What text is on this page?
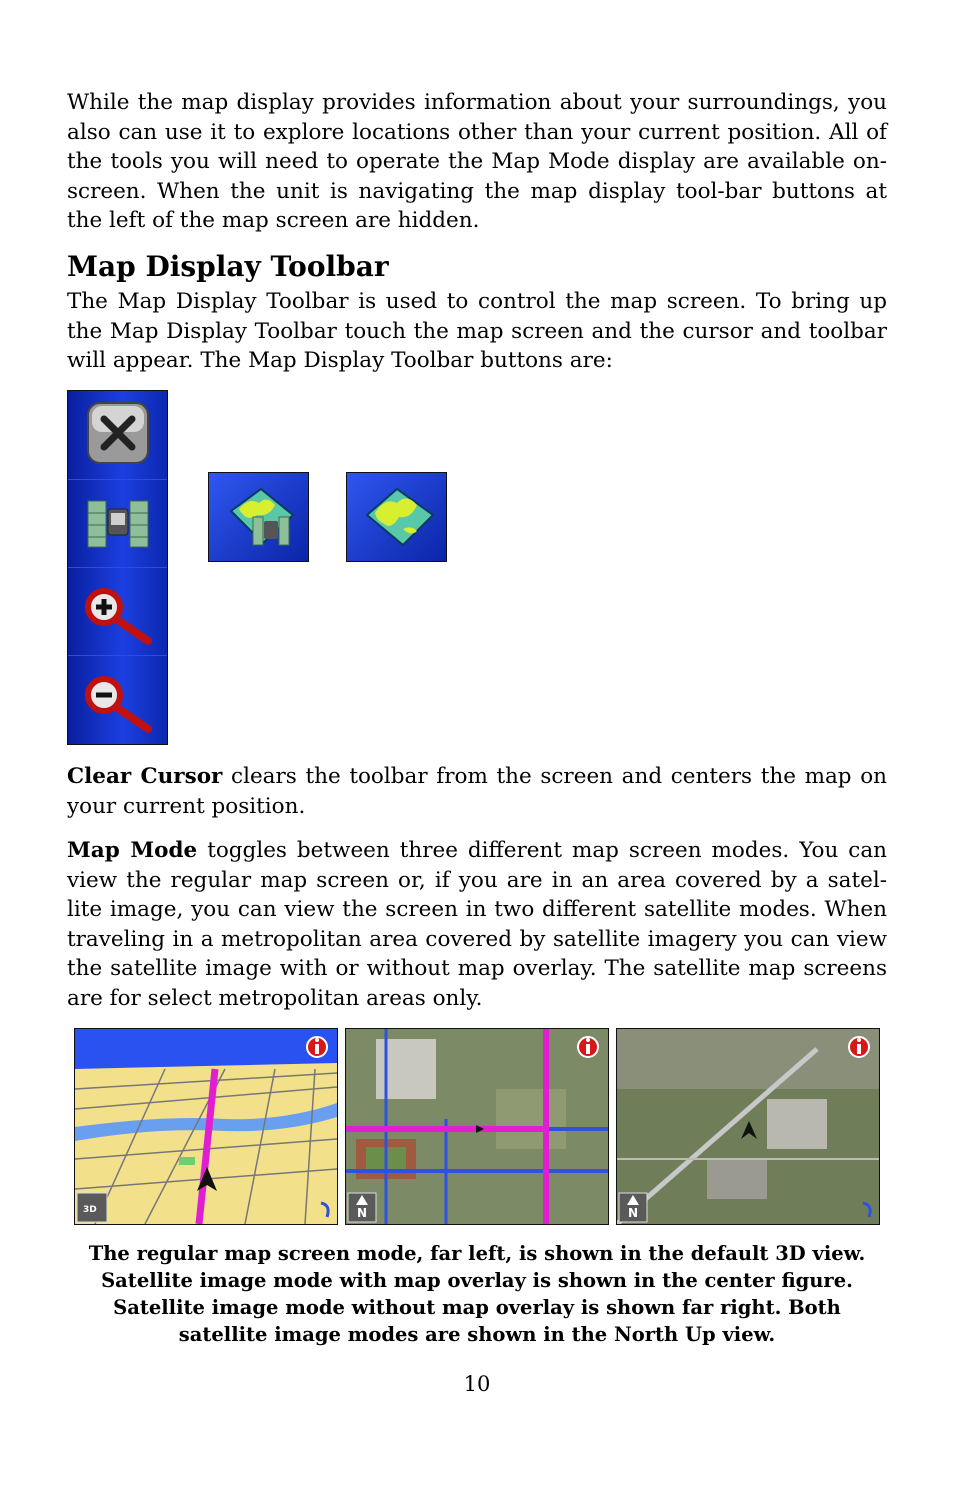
While the map display provides information about your surroundings, you also can use it to explore locations other than your current position. All of the tools you will need to operate the Map Mode display are available on-screen. When the unit is navigating the map display tool-bar buttons at the left of the map screen are hidden.

Map Display Toolbar

The Map Display Toolbar is used to control the map screen. To bring up the Map Display Toolbar touch the map screen and the cursor and toolbar will appear. The Map Display Toolbar buttons are:

Clear Cursor clears the toolbar from the screen and centers the map on your current position.

Map Mode toggles between three different map screen modes. You can view the regular map screen or, if you are in an area covered by a satel-lite image, you can view the screen in two different satellite modes. When traveling in a metropolitan area covered by satellite imagery you can view the satellite image with or without map overlay. The satellite map screens are for select metropolitan areas only.

3D	N	N
The regular map screen mode, far left, is shown in the default 3D view.
Satellite image mode with map overlay is shown in the center figure.
Satellite image mode without map overlay is shown far right. Both
satellite image modes are shown in the North Up view.
10
